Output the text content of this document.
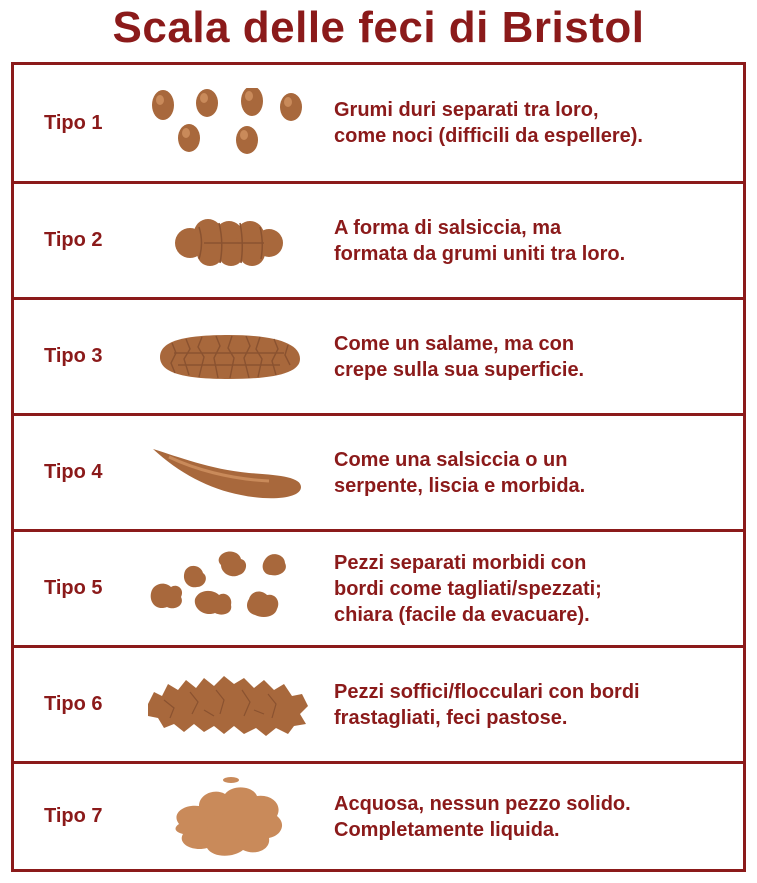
Scala delle feci di Bristol
Tipo 1
Grumi duri separati tra loro,
come noci (difficili da espellere).
Tipo 2
A forma di salsiccia, ma
formata da grumi uniti tra loro.
Tipo 3
Come un salame, ma con
crepe sulla sua superficie.
Tipo 4
Come una salsiccia o un
serpente, liscia e morbida.
Tipo 5
Pezzi separati morbidi con
bordi come tagliati/spezzati;
chiara (facile da evacuare).
Tipo 6
Pezzi soffici/flocculari con bordi
frastagliati, feci pastose.
Tipo 7
Acquosa, nessun pezzo solido.
Completamente liquida.
